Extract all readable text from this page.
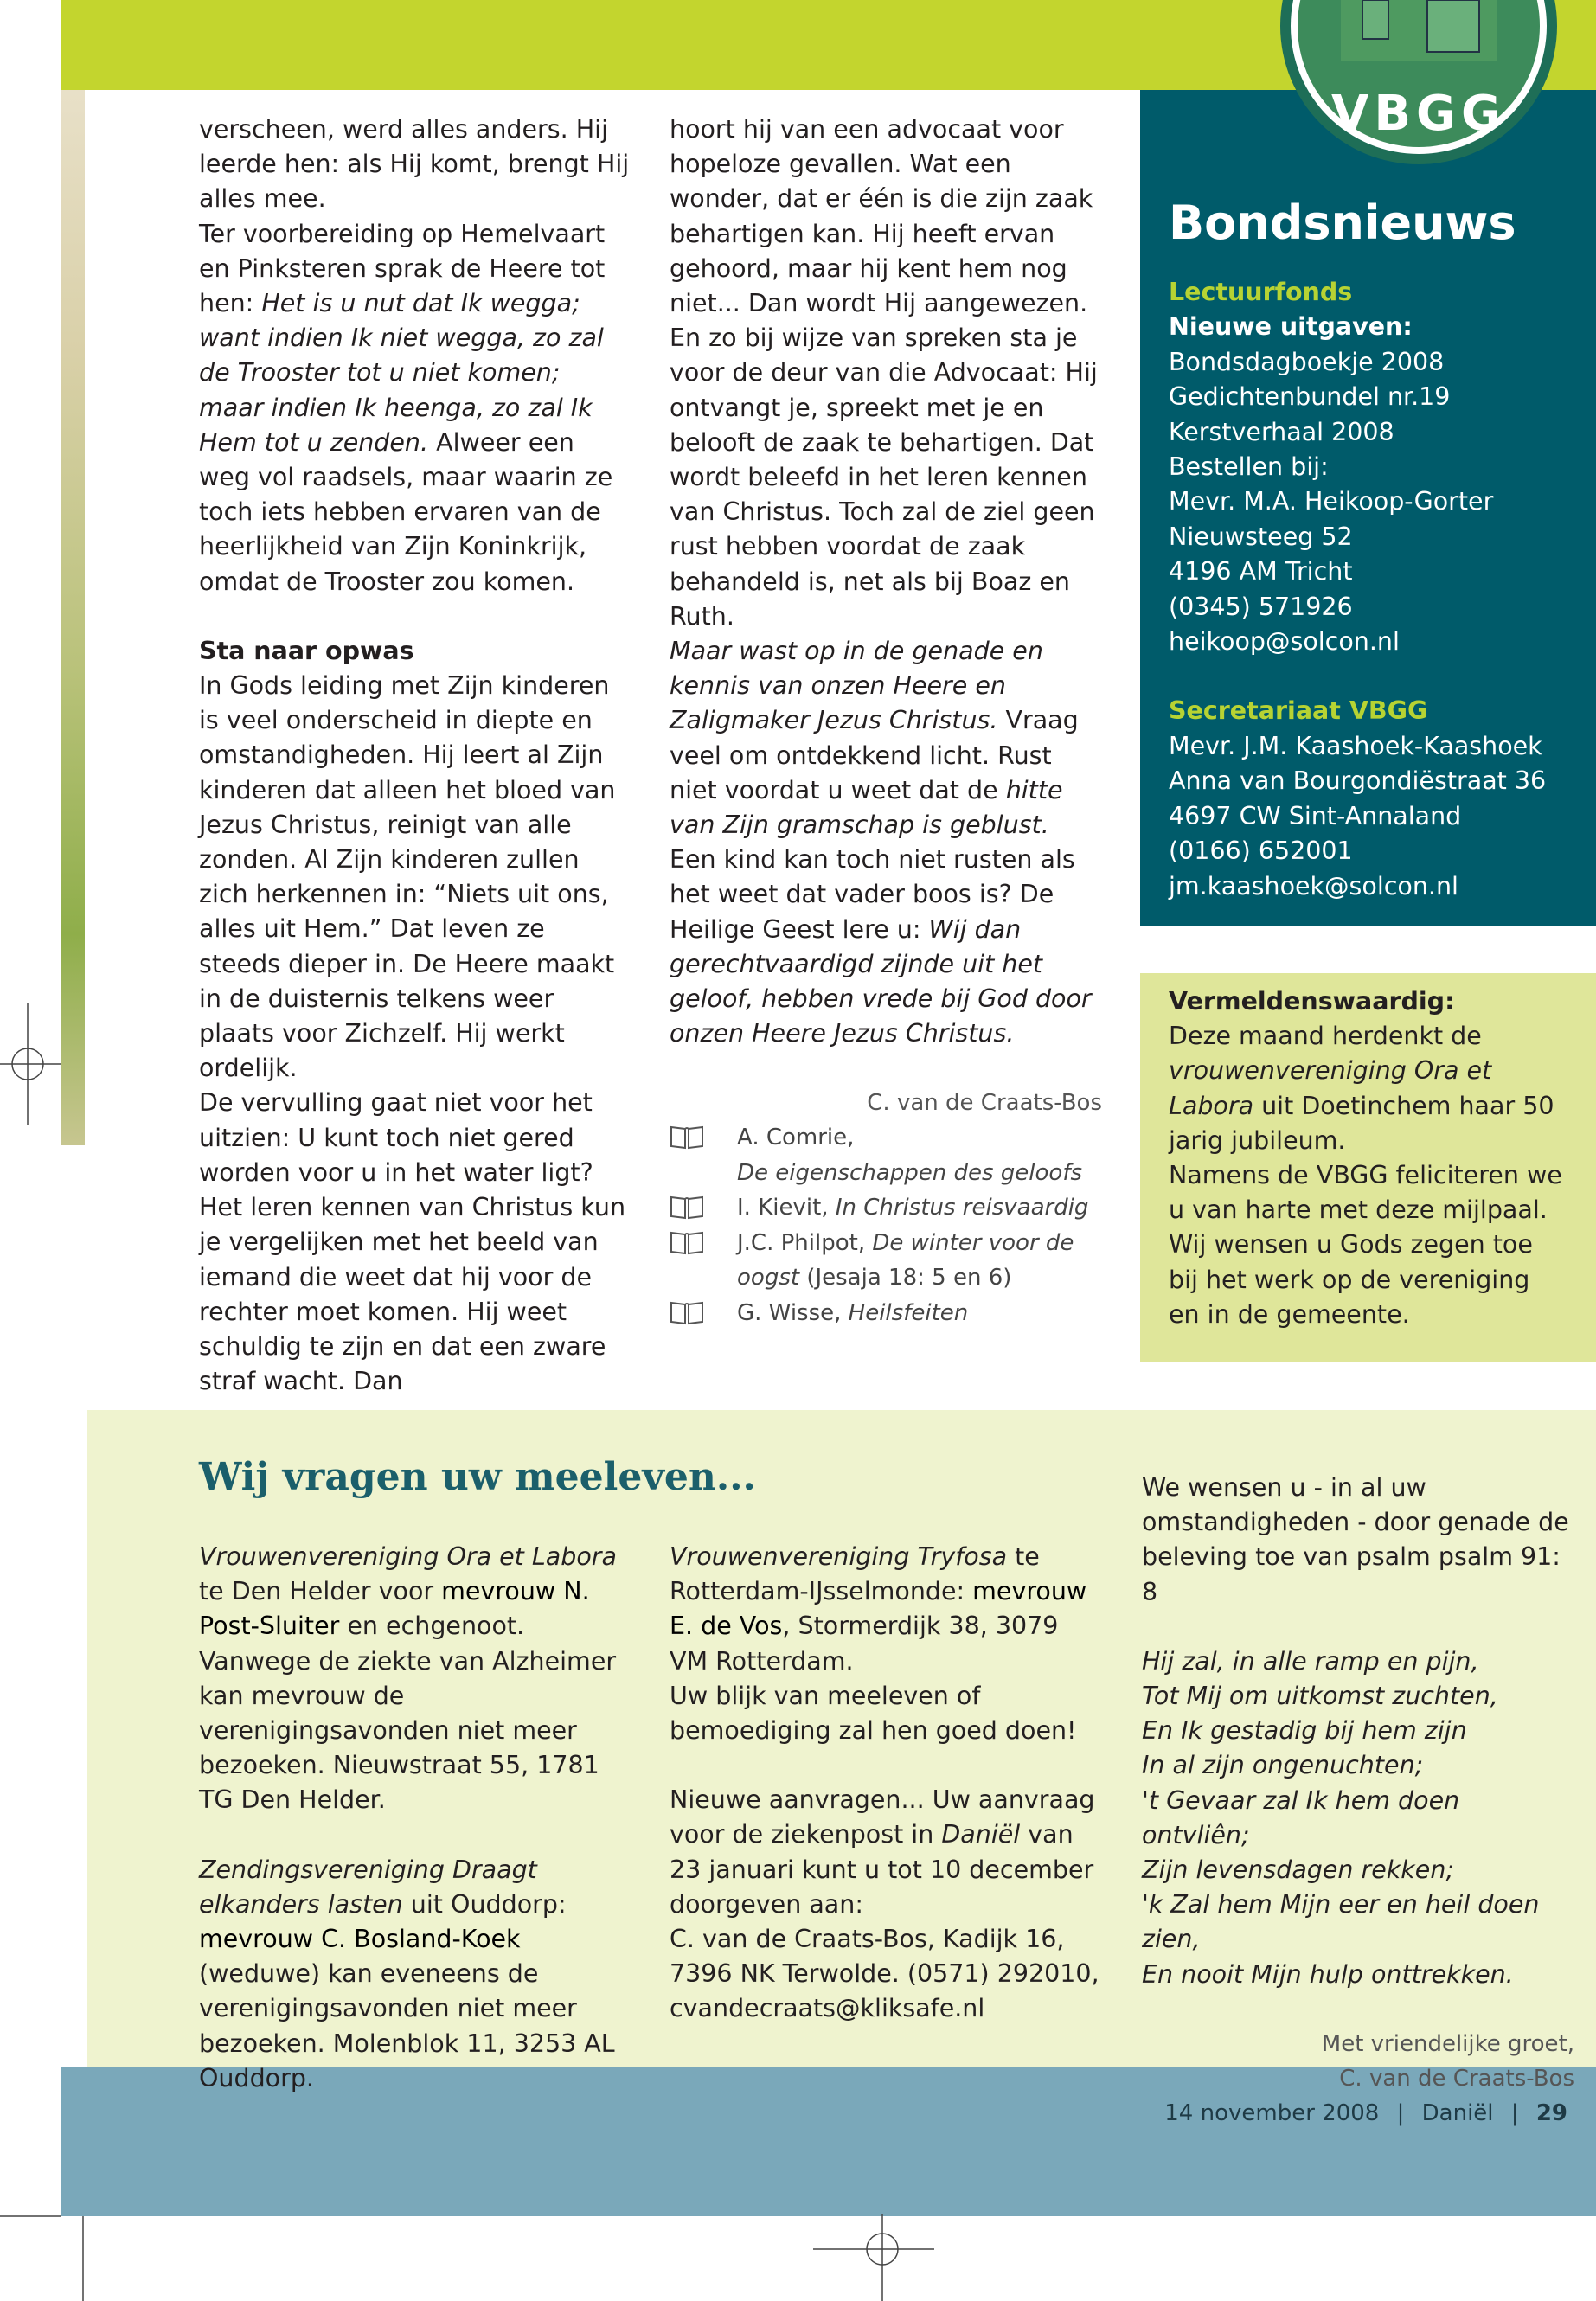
VBGG

verscheen, werd alles anders. Hij leerde hen: als Hij komt, brengt Hij alles mee.

Ter voorbereiding op Hemelvaart en Pinksteren sprak de Heere tot hen: Het is u nut dat Ik wegga; want indien Ik niet wegga, zo zal de Trooster tot u niet komen; maar indien Ik heenga, zo zal Ik Hem tot u zenden. Alweer een weg vol raadsels, maar waarin ze toch iets hebben ervaren van de heerlijkheid van Zijn Koninkrijk, omdat de Trooster zou komen.

Sta naar opwas

In Gods leiding met Zijn kinderen is veel onderscheid in diepte en omstandigheden. Hij leert al Zijn kinderen dat alleen het bloed van Jezus Christus, reinigt van alle zonden. Al Zijn kinderen zullen zich herkennen in: “Niets uit ons, alles uit Hem.” Dat leven ze steeds dieper in. De Heere maakt in de duisternis telkens weer plaats voor Zichzelf. Hij werkt ordelijk.

De vervulling gaat niet voor het uitzien: U kunt toch niet gered worden voor u in het water ligt? Het leren kennen van Christus kun je vergelijken met het beeld van iemand die weet dat hij voor de rechter moet komen. Hij weet schuldig te zijn en dat een zware straf wacht. Dan

hoort hij van een advocaat voor hopeloze gevallen. Wat een wonder, dat er één is die zijn zaak behartigen kan. Hij heeft ervan gehoord, maar hij kent hem nog niet... Dan wordt Hij aangewezen. En zo bij wijze van spreken sta je voor de deur van die Advocaat: Hij ontvangt je, spreekt met je en belooft de zaak te behartigen. Dat wordt beleefd in het leren kennen van Christus. Toch zal de ziel geen rust hebben voordat de zaak behandeld is, net als bij Boaz en Ruth.

Maar wast op in de genade en kennis van onzen Heere en Zaligmaker Jezus Christus. Vraag veel om ontdekkend licht. Rust niet voordat u weet dat de hitte van Zijn gramschap is geblust. Een kind kan toch niet rusten als het weet dat vader boos is? De Heilige Geest lere u: Wij dan gerechtvaardigd zijnde uit het geloof, hebben vrede bij God door onzen Heere Jezus Christus.

C. van de Craats-Bos

A. Comrie,
De eigenschappen des geloofs
I. Kievit, In Christus reisvaardig
J.C. Philpot, De winter voor de oogst (Jesaja 18: 5 en 6)
G. Wisse, Heilsfeiten
Bondsnieuws
Lectuurfonds
Nieuwe uitgaven:
Bondsdagboekje 2008
Gedichtenbundel nr.19
Kerstverhaal 2008
Bestellen bij:
Mevr. M.A. Heikoop-Gorter
Nieuwsteeg 52
4196 AM Tricht
(0345) 571926
heikoop@solcon.nl
Secretariaat VBGG
Mevr. J.M. Kaashoek-Kaashoek
Anna van Bourgondiëstraat 36
4697 CW Sint-Annaland
(0166) 652001
jm.kaashoek@solcon.nl

Vermeldenswaardig:

Deze maand herdenkt de vrouwenvereniging Ora et Labora uit Doetinchem haar 50 jarig jubileum.

Namens de VBGG feliciteren we u van harte met deze mijlpaal. Wij wensen u Gods zegen toe bij het werk op de vereniging en in de gemeente.

Wij vragen uw meeleven...

Vrouwenvereniging Ora et Labora te Den Helder voor mevrouw N. Post-Sluiter en echgenoot. Vanwege de ziekte van Alzheimer kan mevrouw de verenigingsavonden niet meer bezoeken. Nieuwstraat 55, 1781 TG Den Helder.

Zendingsvereniging Draagt elkanders lasten uit Ouddorp: mevrouw C. Bosland-Koek (weduwe) kan eveneens de verenigingsavonden niet meer bezoeken. Molenblok 11, 3253 AL Ouddorp.

Vrouwenvereniging Tryfosa te Rotterdam-IJsselmonde: mevrouw E. de Vos, Stormerdijk 38, 3079 VM Rotterdam.

Uw blijk van meeleven of bemoediging zal hen goed doen!

Nieuwe aanvragen... Uw aanvraag voor de ziekenpost in Daniël van 23 januari kunt u tot 10 december doorgeven aan:

C. van de Craats-Bos, Kadijk 16, 7396 NK Terwolde. (0571) 292010, cvandecraats@kliksafe.nl

We wensen u - in al uw omstandigheden - door genade de beleving toe van psalm psalm 91: 8

Hij zal, in alle ramp en pijn,
Tot Mij om uitkomst zuchten,
En Ik gestadig bij hem zijn
In al zijn ongenuchten;
't Gevaar zal Ik hem doen ontvliên;
Zijn levensdagen rekken;
'k Zal hem Mijn eer en heil doen zien,
En nooit Mijn hulp onttrekken.

Met vriendelijke groet,

C. van de Craats-Bos

14 november 2008 | Daniël | 29
